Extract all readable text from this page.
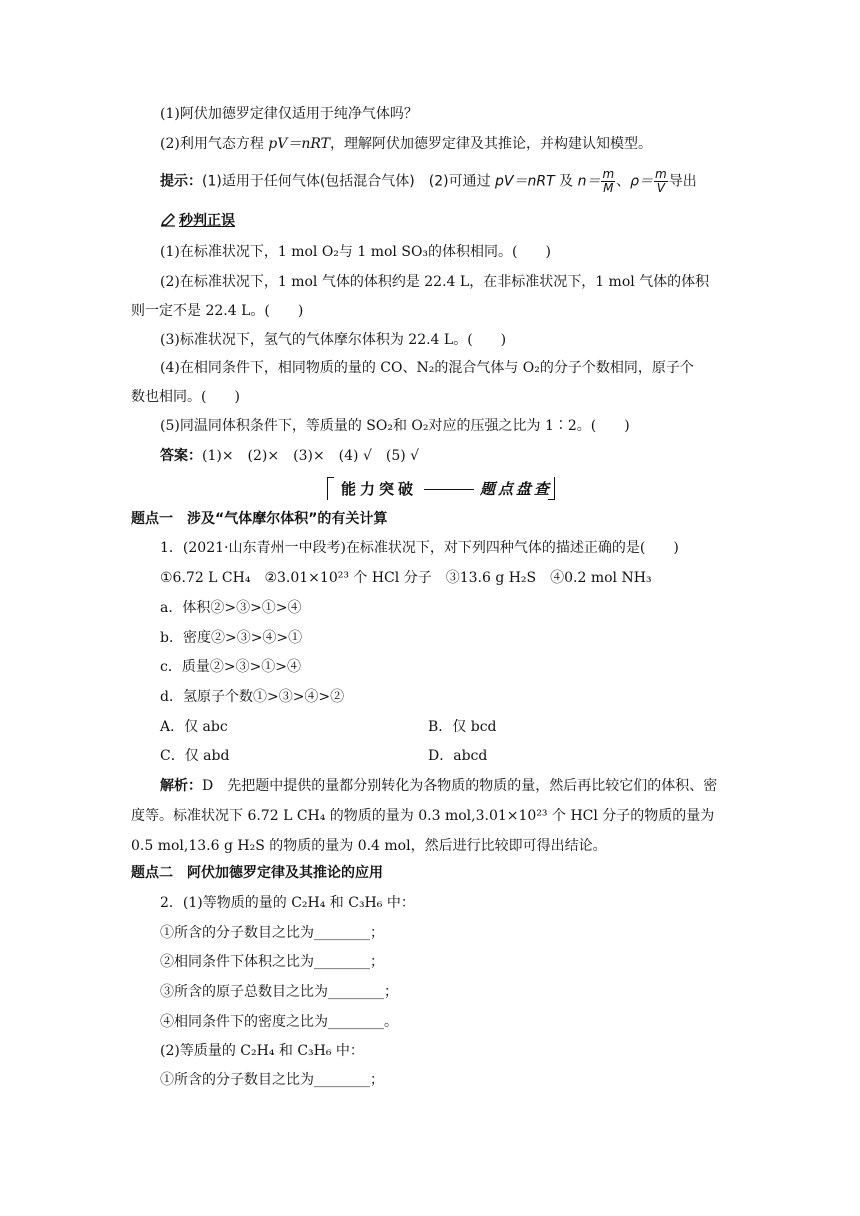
(1)阿伏加德罗定律仅适用于纯净气体吗？
(2)利用气态方程 pV＝nRT，理解阿伏加德罗定律及其推论，并构建认知模型。
提示：(1)适用于任何气体(包括混合气体)　(2)可通过 pV＝nRT 及 $n= \frac{m}{M}$ 、$\rho= \frac{m}{V}$ 导出
秒判正误
(1)在标准状况下，1 mol O₂与 1 mol SO₃的体积相同。(　　)
(2)在标准状况下，1 mol 气体的体积约是 22.4 L，在非标准状况下，1 mol 气体的体积
则一定不是 22.4 L。(　　)
(3)标准状况下，氢气的气体摩尔体积为 22.4 L。(　　)
(4)在相同条件下，相同物质的量的 CO、N₂的混合气体与 O₂的分子个数相同，原子个
数也相同。(　　)
(5)同温同体积条件下，等质量的 SO₂和 O₂对应的压强之比为 1∶2。(　　)
答案：(1)×　(2)×　(3)×　(4) √　(5) √
能力突破	题点盘查
题点一　涉及“气体摩尔体积”的有关计算
1．(2021·山东青州一中段考)在标准状况下，对下列四种气体的描述正确的是(　　)
①6.72 L CH₄　②3.01×10²³ 个 HCl 分子　③13.6 g H₂S　④0.2 mol NH₃
a．体积②>③>①>④
b．密度②>③>④>①
c．质量②>③>①>④
d．氢原子个数①>③>④>②
A．仅 abc	B．仅 bcd
C．仅 abd	D．abcd
解析：D　先把题中提供的量都分别转化为各物质的物质的量，然后再比较它们的体积、密度等。标准状况下 6.72 L CH₄ 的物质的量为 0.3 mol,3.01×10²³ 个 HCl 分子的物质的量为 0.5 mol,13.6 g H₂S 的物质的量为 0.4 mol，然后进行比较即可得出结论。
题点二　阿伏加德罗定律及其推论的应用
2．(1)等物质的量的 C₂H₄ 和 C₃H₆ 中：
①所含的分子数目之比为________；
②相同条件下体积之比为________；
③所含的原子总数目之比为________；
④相同条件下的密度之比为________。
(2)等质量的 C₂H₄ 和 C₃H₆ 中：
①所含的分子数目之比为________；
